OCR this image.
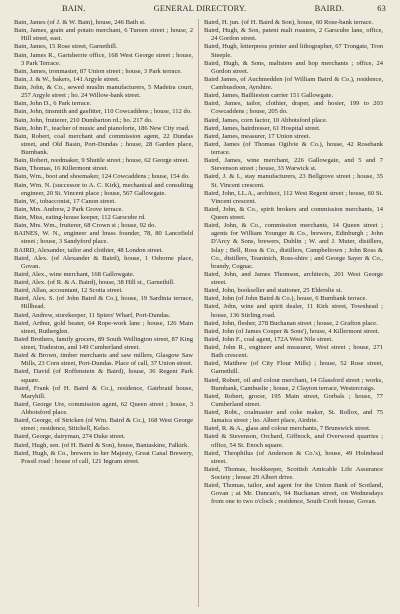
BAIN.	GENERAL DIRECTORY.	BAIRD.	63

Bain, James (of J. & W. Bain), house, 246 Bath st.

Bain, James, grain and potato merchant, 6 Tureen street ; house, 2 Hill street, east.

Bain, James, 15 Rose street, Garnethill.

Bain, James R., Gartsherrie office, 168 West George street ; house, 3 Park Terrace.

Bain, James, ironmaster, 87 Union street ; house, 3 Park terrace.

Bain, J. & W., bakers, 141 Argyle street.

Bain, John, & Co., sewed muslin manufacturers, 5 Madeira court, 257 Argyle street ; ho. 24 Willow-bank street.

Bain, John D., 6 Park terrace.

Bain, John, tinsmith and gasfitter, 110 Cowcaddens ; house, 112 do.

Bain, John, fruiterer, 210 Dumbarton rd.; ho. 217 do.

Bain, John F., teacher of music and pianoforte, 186 New City road.

Bain, Robert, coal merchant and commission agent, 22 Dundas street, and Old Basin, Port-Dundas ; house, 28 Garden place, Burnbank.

Bain, Robert, reedmaker, 9 Shuttle street ; house, 62 George street.

Bain, Thomas, 16 Killermont street.

Bain, Wm., boot and shoemaker, 124 Cowcaddens ; house, 154 do.

Bain, Wm. N. (successor to A. C. Kirk), mechanical and consulting engineer, 20 St. Vincent place ; house, 567 Gallowgate.

Bain, W., tobacconist, 17 Canon street.

Bain, Mrs. Andrew, 2 Park Grove terrace.

Bain, Miss, eating-house keeper, 112 Garscube rd.

Bain, Mrs. Wm., fruiterer, 68 Crown st ; house, 92 do.

BAINES, W. N., engineer and brass founder, 78, 80 Lancefield street ; house, 3 Sandyford place.

BAIRD, Alexander, tailor and clothier, 48 London street.

Baird, Alex. (of Alexander & Baird), house, 1 Osborne place, Govan.

Baird, Alex., wine merchant, 168 Gallowgate.

Baird, Alex. (of R. & A. Baird), house, 38 Hill st., Garnethill.

Baird, Allan, accountant, 12 Scotia street.

Baird, Alex. S. (of John Baird & Co.), house, 19 Sardinia terrace, Hillhead.

Baird, Andrew, storekeeper, 11 Spiers' Wharf, Port-Dundas.

Baird, Arthur, gold beater, 64 Rope-work lane ; house, 126 Main street, Rutherglen.

Baird Brothers, family grocers, 89 South Wellington street, 87 King street, Tradeston, and 149 Cumberland street.

Baird & Brown, timber merchants and saw millers, Glasgow Saw Mills, 23 Corn street, Port-Dundas. Place of call, 37 Union street.

Baird, David (of Roffenstein & Baird), house, 36 Regent Park square.

Baird, Frank (of H. Baird & Co.), residence, Gairbraid house, Maryhill.

Baird, George Ure, commission agent, 62 Queen street ; house, 3 Abbotsford place.

Baird, George, of Stricken (of Wm. Baird & Co.), 168 West George street ; residence, Stitchell, Kelso.

Baird, George, dairyman, 274 Duke street.

Baird, Hugh, sen. (of H. Baird & Son), house, Bantaskine, Falkirk.

Baird, Hugh, & Co., brewers to her Majesty, Great Canal Brewery, Possil road : house of call, 121 Ingram street.

Baird, H. jun. (of H. Baird & Son), house, 60 Rose-bank terrace.

Baird, Hugh, & Son, patent malt roasters, 2 Garscube lane, office, 24 Gordon street.

Baird, Hugh, letterpress printer and lithographer, 67 Trongate, Tron Steeple.

Baird, Hugh, & Sons, maltsters and hop merchants ; office, 24 Gordon street.

Baird James, of Auchmedden (of William Baird & Co.), residence, Cambusdoon, Ayrshire.

Baird, James, Baillieston carrier 151 Gallowgate.

Baird, James, tailor, clothier, draper, and hosier, 199 to 203 Cowcaddens ; house, 205 do.

Baird, James, corn factor, 10 Abbotsford place.

Baird, James, hairdresser, 61 Hospital street.

Baird, James, measurer, 17 Union street.

Baird, James (of Thomas Ogilvie & Co.), house, 42 Rosebank terrace.

Baird, James, wine merchant, 226 Gallowgate, and 5 and 7 Stevenson street ; house, 33 Warwick st.

Baird, J. & I., stay manufacturers, 23 Bellgrove street ; house, 35 St. Vincent crescent.

Baird, John, LL.A., architect, 112 West Regent street ; house, 60 St. Vincent crescent.

Baird, John, & Co., spirit brokers and commission merchants, 14 Queen street.

Baird, John, & Co., commission merchants, 14 Queen street ; agents for William Younger & Co., brewers, Edinburgh ; John D'Arcy & Sons, brewers, Dublin ; W. and J. Muter, distillers, Islay ; Bell, Ross & Co., distillers, Campbeltown ; John Ross & Co., distillers, Teaninich, Ross-shire ; and George Sayer & Co., brandy, Cognac.

Baird, John, and James Thomson, architects, 201 West George street.

Baird, John, bookseller and stationer, 25 Elderslie st.

Baird, John (of John Baird & Co.), house, 6 Burnbank terrace.

Baird, John, wine and spirit dealer, 11 Kirk street, Townhead ; house, 136 Stirling road.

Baird, John, flesher, 278 Buchanan street ; house, 2 Grafton place.

Baird, John (of James Couper & Sons'), house, 4 Killermont street.

Baird, John F., coal agent, 172A West Nile street.

Baird, John R., engineer and measurer, West street ; house, 271 Bath crescent.

Baird, Matthew (of City Flour Mills) ; house, 52 Rose street, Garnethill.

Baird, Robert, oil and colour merchant, 14 Glassford street ; works, Burnbank, Cambuslie ; house, 2 Clayton terrace, Westercraigs.

Baird, Robert, grocer, 195 Main street, Gorbals ; house, 77 Cumberland street.

Baird, Robt., coalmaster and coke maker, St. Rollox, and 75 Jamaica street ; ho. Albert place, Airdrie.

Baird, R. & A., glass and colour merchants, 7 Brunswick street.

Baird & Stevenson, Orchard, Giffnock, and Overwood quarries ; office, 54 St. Enoch square.

Baird, Theophilus (of Anderson & Co.'s), house, 49 Holmhead street.

Baird, Thomas, bookkeeper, Scottish Amicable Life Assurance Society ; house 29 Albert drive.

Baird, Thomas, tailor, and agent for the Union Bank of Scotland, Govan ; at Mr. Duncan's, 94 Buchanan street, on Wednesdays from one to two o'clock ; residence, South Croft house, Govan.
